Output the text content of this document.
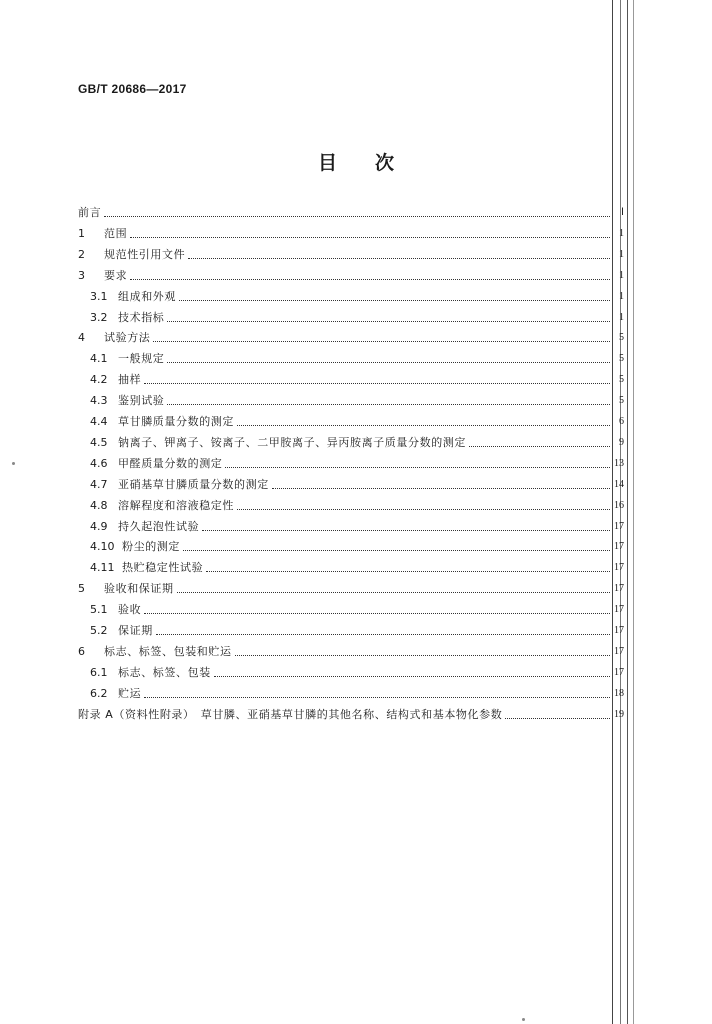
GB/T 20686—2017
目 次
前言	Ⅰ
1	范围	1
2	规范性引用文件	1
3	要求	1
3.1 组成和外观	1
3.2 技术指标	1
4	试验方法	5
4.1 一般规定	5
4.2 抽样	5
4.3 鉴别试验	5
4.4 草甘膦质量分数的测定	6
4.5 钠离子、钾离子、铵离子、二甲胺离子、异丙胺离子质量分数的测定	9
4.6 甲醛质量分数的测定	13
4.7 亚硝基草甘膦质量分数的测定	14
4.8 溶解程度和溶液稳定性	16
4.9 持久起泡性试验	17
4.10 粉尘的测定	17
4.11 热贮稳定性试验	17
5	验收和保证期	17
5.1 验收	17
5.2 保证期	17
6	标志、标签、包装和贮运	17
6.1 标志、标签、包装	17
6.2 贮运	18
附录 A（资料性附录）　草甘膦、亚硝基草甘膦的其他名称、结构式和基本物化参数	19
